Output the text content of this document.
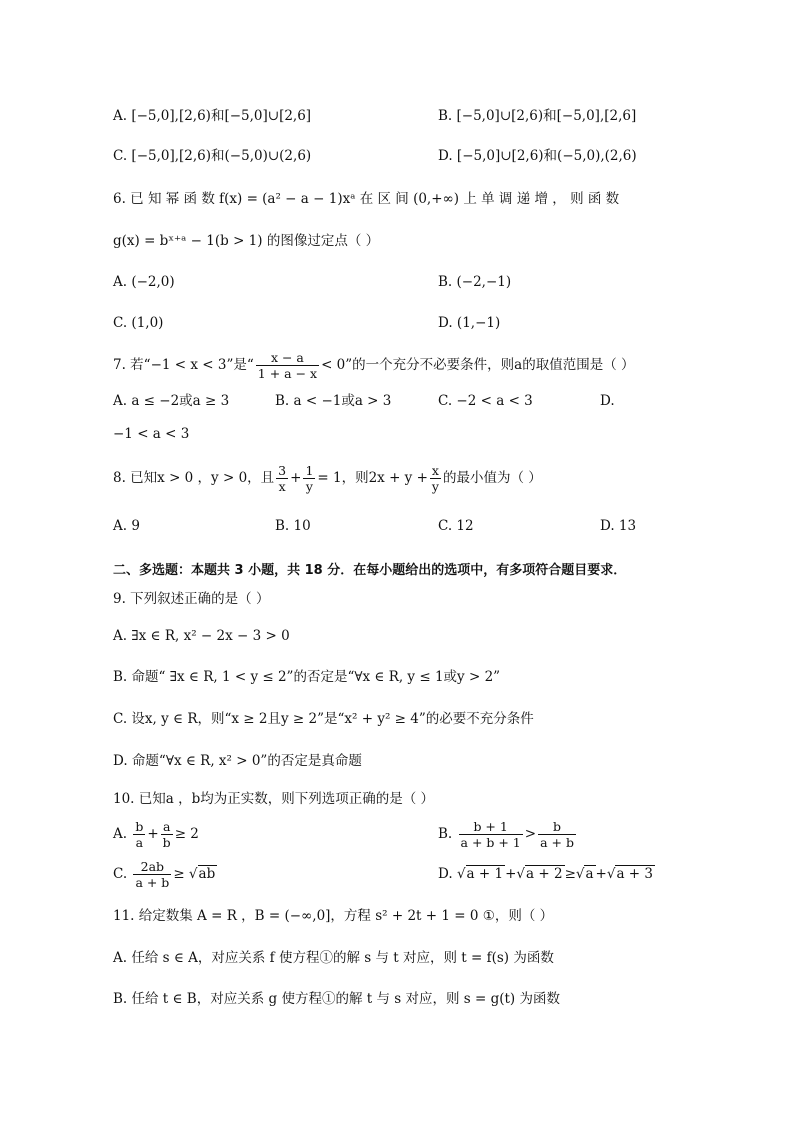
A. [−5,0],[2,6)和[−5,0]∪[2,6]	B. [−5,0]∪[2,6)和[−5,0],[2,6]
C. [−5,0],[2,6)和(−5,0)∪(2,6)	D. [−5,0]∪[2,6)和(−5,0),(2,6)
6. 已 知 幂 函 数 f(x) = (a² − a − 1)xᵃ 在 区 间 (0,+∞) 上 单 调 递 增 ， 则 函 数
g(x) = bˣ⁺ᵃ − 1(b > 1) 的图像过定点（ ）
A. (−2,0)	B. (−2,−1)
C. (1,0)	D. (1,−1)
7. 若“−1 < x < 3”是“ $\frac{x - a}{1 + a - x} < 0$”的一个充分不必要条件，则a的取值范围是（ ）
A. a ≤ −2或a ≥ 3	B. a < −1或a > 3	C. −2 < a < 3	D.
−1 < a < 3
8. 已知x > 0 ，y > 0，且 $\frac{3}{x} + \frac{1}{y} = 1$，则$2x + y + \frac{x}{y}$ 的最小值为（ ）
A. 9	B. 10	C. 12	D. 13
二、多选题：本题共 3 小题，共 18 分．在每小题给出的选项中，有多项符合题目要求．
9. 下列叙述正确的是（ ）
A. ∃x ∈ R, x² − 2x − 3 > 0
B. 命题“ ∃x ∈ R, 1 < y ≤ 2”的否定是“∀x ∈ R, y ≤ 1或y > 2”
C. 设x, y ∈ R，则“x ≥ 2且y ≥ 2”是“x² + y² ≥ 4”的必要不充分条件
D. 命题“∀x ∈ R, x² > 0”的否定是真命题
10. 已知a ，b均为正实数，则下列选项正确的是（ ）
A. $\frac{b}{a} + \frac{a}{b} \ge 2$	B. $\frac{b + 1}{a + b + 1} > \frac{b}{a + b}$
C. $\frac{2ab}{a + b}$ ≥ √ ab	D. √ a + 1 + √ a + 2 ≥ √ a + √ a + 3
11. 给定数集 A = R ，B = (−∞,0]，方程 s² + 2t + 1 = 0 ①，则（ ）
A. 任给 s ∈ A，对应关系 f 使方程①的解 s 与 t 对应，则 t = f(s) 为函数
B. 任给 t ∈ B，对应关系 g 使方程①的解 t 与 s 对应，则 s = g(t) 为函数
